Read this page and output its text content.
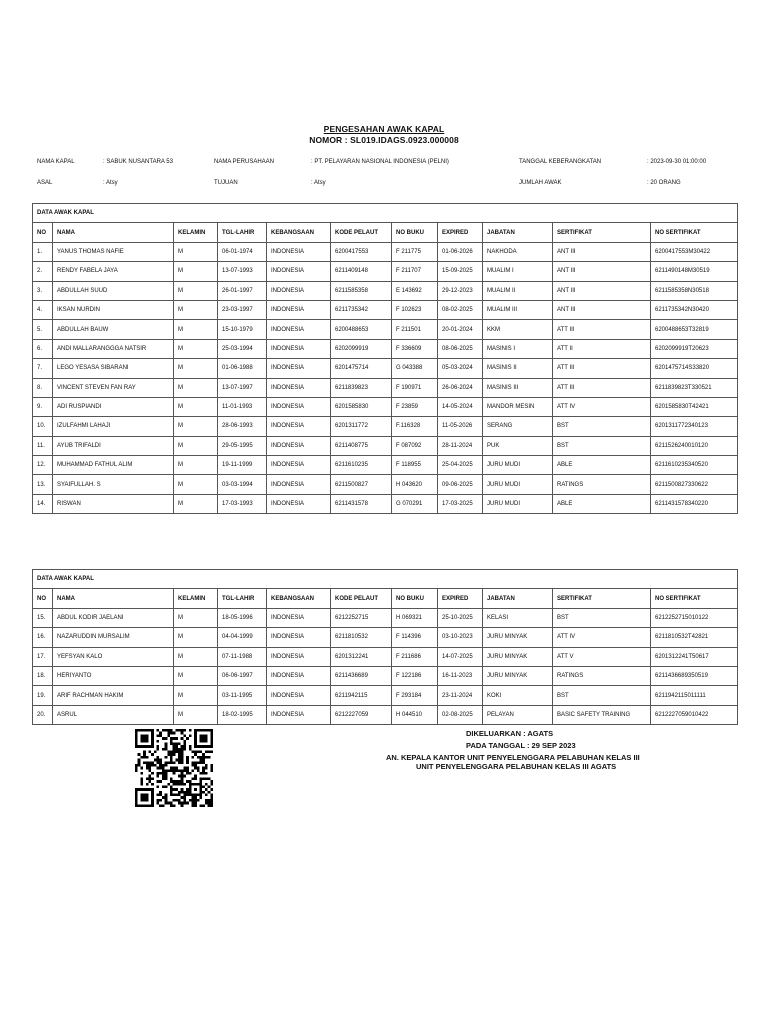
PENGESAHAN AWAK KAPAL
NOMOR : SL019.IDAGS.0923.000008
NAMA KAPAL	: SABUK NUSANTARA 53	NAMA PERUSAHAAN	: PT. PELAYARAN NASIONAL INDONESIA (PELNI)	TANGGAL KEBERANGKATAN	: 2023-09-30 01:00:00
ASAL	: Atsy	TUJUAN	: Atsy	JUMLAH AWAK	: 20 ORANG
DATA AWAK KAPAL										
NO	NAMA	KELAMIN	TGL-LAHIR	KEBANGSAAN	KODE PELAUT	NO BUKU	EXPIRED	JABATAN	SERTIFIKAT	NO SERTIFIKAT
1.	YANUS THOMAS NAFIE	M	06-01-1974	INDONESIA	6200417553	F 211775	01-06-2026	NAKHODA	ANT III	6200417553M30422
2.	RENDY FABELA JAYA	M	13-07-1993	INDONESIA	6211409148	F 211707	15-09-2025	MUALIM I	ANT III	6211490148M30519
3.	ABDULLAH SUUD	M	26-01-1997	INDONESIA	6211585358	E 143692	29-12-2023	MUALIM II	ANT III	6211585358N30518
4.	IKSAN NURDIN	M	23-03-1997	INDONESIA	6211735342	F 102623	08-02-2025	MUALIM III	ANT III	6211735342N30420
5.	ABDULLAH BAUW	M	15-10-1979	INDONESIA	6200488653	F 211501	20-01-2024	KKM	ATT III	6200488653T32819
6.	ANDI MALLARANGGGA NATSIR	M	25-03-1994	INDONESIA	6202099919	F 336609	08-06-2025	MASINIS I	ATT II	6202099919T20623
7.	LEGO YESASA SIBARANI	M	01-06-1988	INDONESIA	6201475714	G 043388	05-03-2024	MASINIS II	ATT III	6201475714S33820
8.	VINCENT STEVEN FAN RAY	M	13-07-1997	INDONESIA	6211839823	F 190971	26-06-2024	MASINIS III	ATT III	6211839823T330521
9.	ADI RUSPIANDI	M	11-01-1993	INDONESIA	6201585830	F 23859	14-05-2024	MANDOR MESIN	ATT IV	6201585830T42421
10.	IZULFAHMI LAHAJI	M	28-06-1993	INDONESIA	6201311772	F.116328	11-05-2026	SERANG	BST	6201311772340123
11.	AYUB TRIFALDI	M	29-05-1995	INDONESIA	6211408775	F 087092	28-11-2024	PUK	BST	6211526240010120
12.	MUHAMMAD FATHUL ALIM	M	19-11-1999	INDONESIA	6211610235	F 118955	25-04-2025	JURU MUDI	ABLE	6211610235340520
13.	SYAIFULLAH. S	M	03-03-1994	INDONESIA	6211500827	H 043620	09-06-2025	JURU MUDI	RATINGS	6211500827330622
14.	RISWAN	M	17-03-1993	INDONESIA	6211431578	G 070291	17-03-2025	JURU MUDI	ABLE	6211431578340220
DATA AWAK KAPAL										
NO	NAMA	KELAMIN	TGL-LAHIR	KEBANGSAAN	KODE PELAUT	NO BUKU	EXPIRED	JABATAN	SERTIFIKAT	NO SERTIFIKAT
15.	ABDUL KODIR JAELANI	M	18-05-1996	INDONESIA	6212252715	H 069321	25-10-2025	KELASI	BST	6212252715010122
16.	NAZARUDDIN MURSALIM	M	04-04-1999	INDONESIA	6211810532	F 114396	03-10-2023	JURU MINYAK	ATT IV	6211810532T42821
17.	YEFSYAN KALO	M	07-11-1988	INDONESIA	6201312241	F 211686	14-07-2025	JURU MINYAK	ATT V	6201312241T50617
18.	HERIYANTO	M	06-06-1997	INDONESIA	6211436689	F 122186	16-11-2023	JURU MINYAK	RATINGS	6211436689350519
19.	ARIF RACHMAN HAKIM	M	03-11-1995	INDONESIA	6211942115	F 293184	23-11-2024	KOKI	BST	6211942115011111
20.	ASRUL	M	18-02-1995	INDONESIA	6212227059	H 044510	02-08-2025	PELAYAN	BASIC SAFETY TRAINING	6212227059010422
DIKELUARKAN : AGATS
PADA TANGGAL : 29 SEP 2023
AN. KEPALA KANTOR UNIT PENYELENGGARA PELABUHAN KELAS III
UNIT PENYELENGGARA PELABUHAN KELAS III AGATS
